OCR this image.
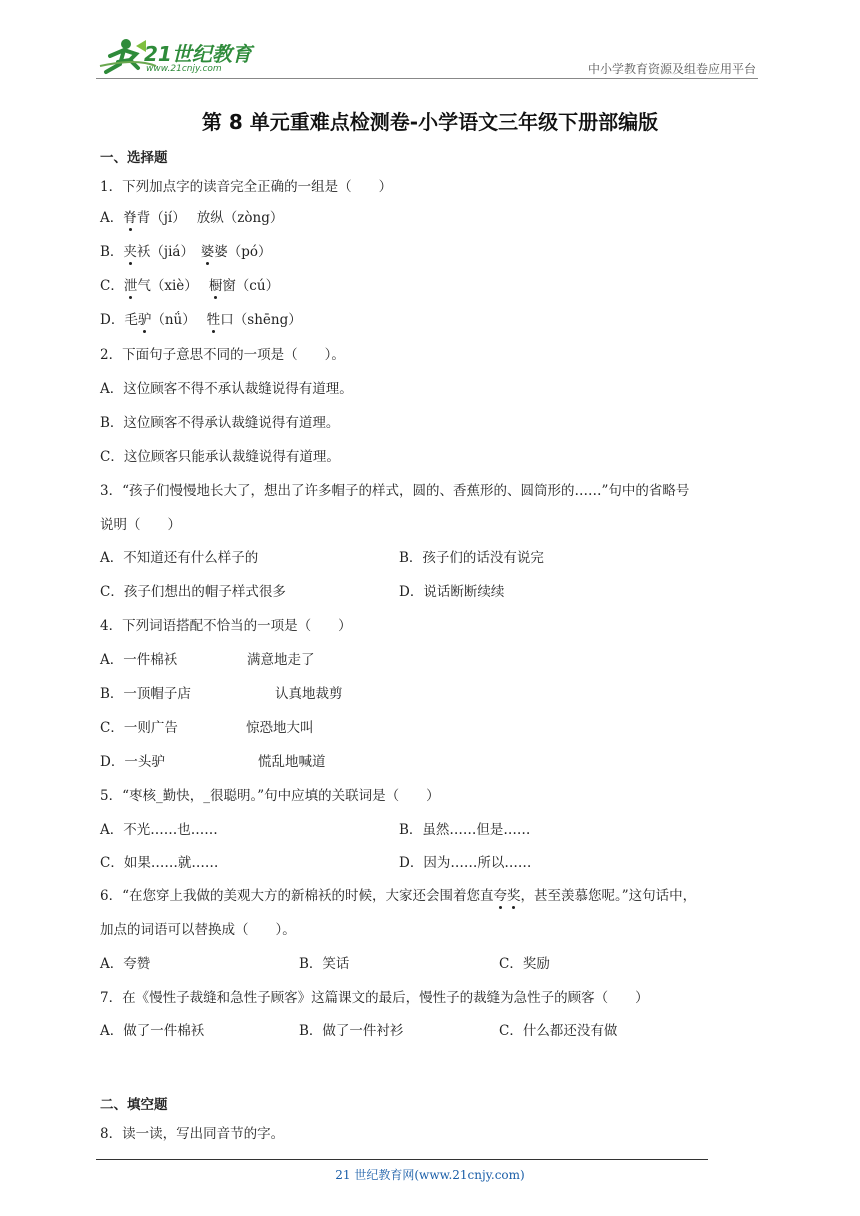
21世纪教育
www.21cnjy.com	中小学教育资源及组卷应用平台
第 8 单元重难点检测卷-小学语文三年级下册部编版
一、选择题
1．下列加点字的读音完全正确的一组是（　　）
A．脊背（jí）　 放纵（zòng）
B．夹袄（jiá）　婆婆（pó）
C．泄气（xiè）　 橱窗（cú）
D．毛驴（nǘ）　 牲口（shēng）
2．下面句子意思不同的一项是（　　）。
A．这位顾客不得不承认裁缝说得有道理。
B．这位顾客不得承认裁缝说得有道理。
C．这位顾客只能承认裁缝说得有道理。
3．“孩子们慢慢地长大了，想出了许多帽子的样式，圆的、香蕉形的、圆筒形的……”句中的省略号
说明（　　）
A．不知道还有什么样子的	B．孩子们的话没有说完
C．孩子们想出的帽子样式很多	D．说话断断续续
4．下列词语搭配不恰当的一项是（　　）
A．一件棉袄	满意地走了
B．一顶帽子店	认真地裁剪
C．一则广告	惊恐地大叫
D．一头驴	慌乱地喊道
5．“枣核_勤快，_很聪明。”句中应填的关联词是（　　）
A．不光……也……	B．虽然……但是……
C．如果……就……	D．因为……所以……
6．“在您穿上我做的美观大方的新棉袄的时候，大家还会围着您直夸奖，甚至羡慕您呢。”这句话中，
加点的词语可以替换成（　　）。
A．夸赞	B．笑话	C．奖励
7．在《慢性子裁缝和急性子顾客》这篇课文的最后，慢性子的裁缝为急性子的顾客（　　）
A．做了一件棉袄	B．做了一件衬衫	C．什么都还没有做
二、填空题
8．读一读，写出同音节的字。
21 世纪教育网(www.21cnjy.com)
